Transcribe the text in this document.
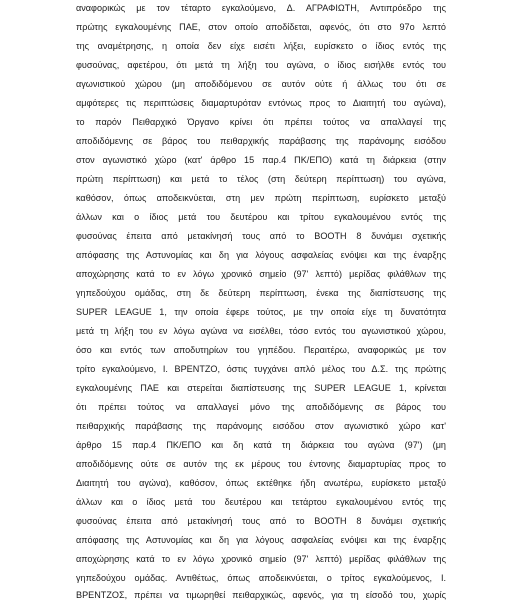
αναφορικώς με τον τέταρτο εγκαλούμενο, Δ. ΑΓΡΑΦΙΩΤΗ, Αντιπρόεδρο της
πρώτης εγκαλουμένης ΠΑΕ, στον οποίο αποδίδεται, αφενός, ότι στο 97ο λεπτό
της αναμέτρησης, η οποία δεν είχε εισέτι λήξει, ευρίσκετο ο ίδιος εντός της
φυσούνας, αφετέρου, ότι μετά τη λήξη του αγώνα, ο ίδιος εισήλθε εντός του
αγωνιστικού χώρου (μη αποδιδόμενου σε αυτόν ούτε ή άλλως του ότι σε
αμφότερες τις περιπτώσεις διαμαρτυρόταν εντόνως προς το Διαιτητή του αγώνα),
το παρόν Πειθαρχικό Όργανο κρίνει ότι πρέπει τούτος να απαλλαγεί της
αποδιδόμενης σε βάρος του πειθαρχικής παράβασης της παράνομης εισόδου
στον αγωνιστικό χώρο (κατ' άρθρο 15 παρ.4 ΠΚ/ΕΠΟ) κατά τη διάρκεια (στην
πρώτη περίπτωση) και μετά το τέλος (στη δεύτερη περίπτωση) του αγώνα,
καθόσον, όπως αποδεικνύεται, στη μεν πρώτη περίπτωση, ευρίσκετο μεταξύ
άλλων και ο ίδιος μετά του δευτέρου και τρίτου εγκαλουμένου εντός της
φυσούνας έπειτα από μετακίνησή τους από το BOOTH 8 δυνάμει σχετικής
απόφασης της Αστυνομίας και δη για λόγους ασφαλείας ενόψει και της έναρξης
αποχώρησης κατά το εν λόγω χρονικό σημείο (97' λεπτό) μερίδας φιλάθλων της
γηπεδούχου ομάδας, στη δε δεύτερη περίπτωση, ένεκα της διαπίστευσης της
SUPER LEAGUE 1, την οποία έφερε τούτος, με την οποία είχε τη δυνατότητα
μετά τη λήξη του εν λόγω αγώνα να εισέλθει, τόσο εντός του αγωνιστικού χώρου,
όσο και εντός των αποδυτηρίων του γηπέδου. Περαιτέρω, αναφορικώς με τον
τρίτο εγκαλούμενο, Ι. ΒΡΕΝΤΖΟ, όστις τυγχάνει απλό μέλος του Δ.Σ. της πρώτης
εγκαλουμένης ΠΑΕ και στερείται διαπίστευσης της SUPER LEAGUE 1, κρίνεται
ότι πρέπει τούτος να απαλλαγεί μόνο της αποδιδόμενης σε βάρος του
πειθαρχικής παράβασης της παράνομης εισόδου στον αγωνιστικό χώρο κατ'
άρθρο 15 παρ.4 ΠΚ/ΕΠΟ και δη κατά τη διάρκεια του αγώνα (97') (μη
αποδιδόμενης ούτε σε αυτόν της εκ μέρους του έντονης διαμαρτυρίας προς το
Διαιτητή του αγώνα), καθόσον, όπως εκτέθηκε ήδη ανωτέρω, ευρίσκετο μεταξύ
άλλων και ο ίδιος μετά του δευτέρου και τετάρτου εγκαλουμένου εντός της
φυσούνας έπειτα από μετακίνησή τους από το BOOTH 8 δυνάμει σχετικής
απόφασης της Αστυνομίας και δη για λόγους ασφαλείας ενόψει και της έναρξης
αποχώρησης κατά το εν λόγω χρονικό σημείο (97' λεπτό) μερίδας φιλάθλων της
γηπεδούχου ομάδας. Αντιθέτως, όπως αποδεικνύεται, ο τρίτος εγκαλούμενος, Ι.
ΒΡΕΝΤΖΟΣ, πρέπει να τιμωρηθεί πειθαρχικώς, αφενός, για τη είσοδό του, χωρίς
